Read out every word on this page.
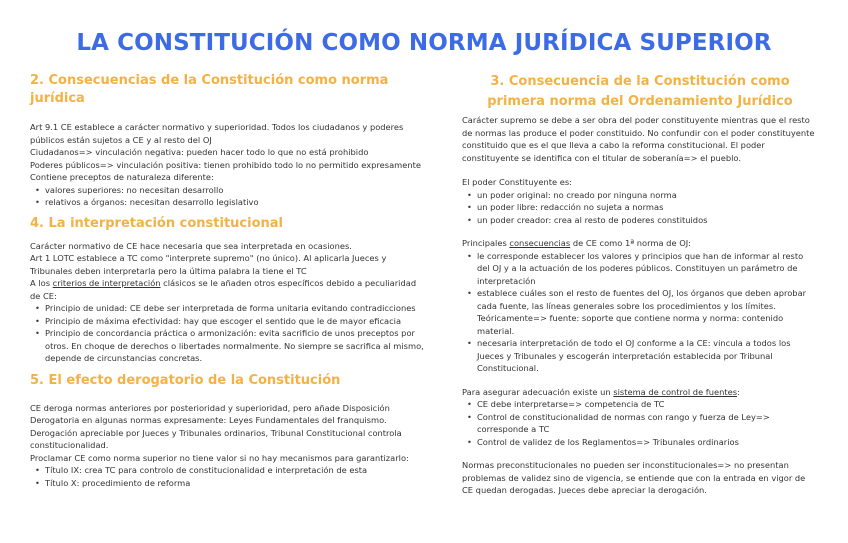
LA CONSTITUCIÓN COMO NORMA JURÍDICA SUPERIOR
2. Consecuencias de la Constitución como norma jurídica

Art 9.1 CE establece a carácter normativo y superioridad. Todos los ciudadanos y poderes públicos están sujetos a CE y al resto del OJ

Ciudadanos=> vinculación negativa: pueden hacer todo lo que no está prohibido

Poderes públicos=> vinculación positiva: tienen prohibido todo lo no permitido expresamente

Contiene preceptos de naturaleza diferente:

• valores superiores: no necesitan desarrollo
• relativos a órganos: necesitan desarrollo legislativo
4. La interpretación constitucional

Carácter normativo de CE hace necesaria que sea interpretada en ocasiones.

Art 1 LOTC establece a TC como "interprete supremo" (no único). Al aplicarla Jueces y Tribunales deben interpretarla pero la última palabra la tiene el TC

A los criterios de interpretación clásicos se le añaden otros específicos debido a peculiaridad de CE:

• Principio de unidad: CE debe ser interpretada de forma unitaria evitando contradicciones
• Principio de máxima efectividad: hay que escoger el sentido que le de mayor eficacia
• Principio de concordancia práctica o armonización: evita sacrificio de unos preceptos por otros. En choque de derechos o libertades normalmente. No siempre se sacrifica al mismo, depende de circunstancias concretas.
5. El efecto derogatorio de la Constitución

CE deroga normas anteriores por posterioridad y superioridad, pero añade Disposición Derogatoria en algunas normas expresamente: Leyes Fundamentales del franquismo.

Derogación apreciable por Jueces y Tribunales ordinarios, Tribunal Constitucional controla constitucionalidad.

Proclamar CE como norma superior no tiene valor si no hay mecanismos para garantizarlo:

• Título IX: crea TC para controlo de constitucionalidad e interpretación de esta
• Título X: procedimiento de reforma
3. Consecuencia de la Constitución como primera norma del Ordenamiento Jurídico

Carácter supremo se debe a ser obra del poder constituyente mientras que el resto de normas las produce el poder constituido. No confundir con el poder constituyente constituido que es el que lleva a cabo la reforma constitucional. El poder constituyente se identifica con el titular de soberanía=> el pueblo.

El poder Constituyente es:

• un poder original: no creado por ninguna norma
• un poder libre: redacción no sujeta a normas
• un poder creador: crea al resto de poderes constituidos

Principales consecuencias de CE como 1ª norma de OJ:

• le corresponde establecer los valores y principios que han de informar al resto del OJ y a la actuación de los poderes públicos. Constituyen un parámetro de interpretación
• establece cuáles son el resto de fuentes del OJ, los órganos que deben aprobar cada fuente, las líneas generales sobre los procedimientos y los límites. Teóricamente=> fuente: soporte que contiene norma y norma: contenido material.
• necesaria interpretación de todo el OJ conforme a la CE: vincula a todos los Jueces y Tribunales y escogerán interpretación establecida por Tribunal Constitucional.

Para asegurar adecuación existe un sistema de control de fuentes:

• CE debe interpretarse=> competencia de TC
• Control de constitucionalidad de normas con rango y fuerza de Ley=> corresponde a TC
• Control de validez de los Reglamentos=> Tribunales ordinarios

Normas preconstitucionales no pueden ser inconstitucionales=> no presentan problemas de validez sino de vigencia, se entiende que con la entrada en vigor de CE quedan derogadas. Jueces debe apreciar la derogación.
